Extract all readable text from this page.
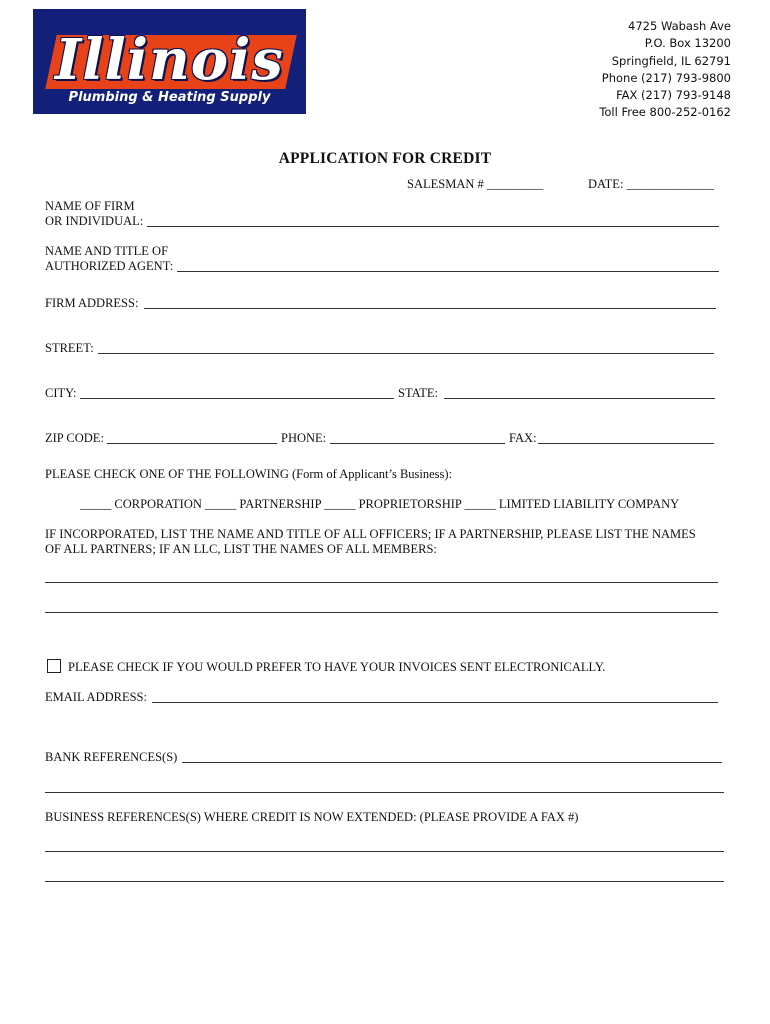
Illinois
Plumbing & Heating Supply
4725 Wabash Ave
P.O. Box 13200
Springfield, IL 62791
Phone (217) 793-9800
FAX (217) 793-9148
Toll Free 800-252-0162
APPLICATION FOR CREDIT
SALESMAN # _________	DATE: ______________
NAME OF FIRM
OR INDIVIDUAL:
NAME AND TITLE OF
AUTHORIZED AGENT:
FIRM ADDRESS:
STREET:
CITY:	STATE:
ZIP CODE:	PHONE:	FAX:
PLEASE CHECK ONE OF THE FOLLOWING (Form of Applicant’s Business):
_____ CORPORATION _____ PARTNERSHIP _____ PROPRIETORSHIP _____ LIMITED LIABILITY COMPANY
IF INCORPORATED, LIST THE NAME AND TITLE OF ALL OFFICERS; IF A PARTNERSHIP, PLEASE LIST THE NAMES
OF ALL PARTNERS; IF AN LLC, LIST THE NAMES OF ALL MEMBERS:
PLEASE CHECK IF YOU WOULD PREFER TO HAVE YOUR INVOICES SENT ELECTRONICALLY.
EMAIL ADDRESS:
BANK REFERENCES(S)
BUSINESS REFERENCES(S) WHERE CREDIT IS NOW EXTENDED: (PLEASE PROVIDE A FAX #)
